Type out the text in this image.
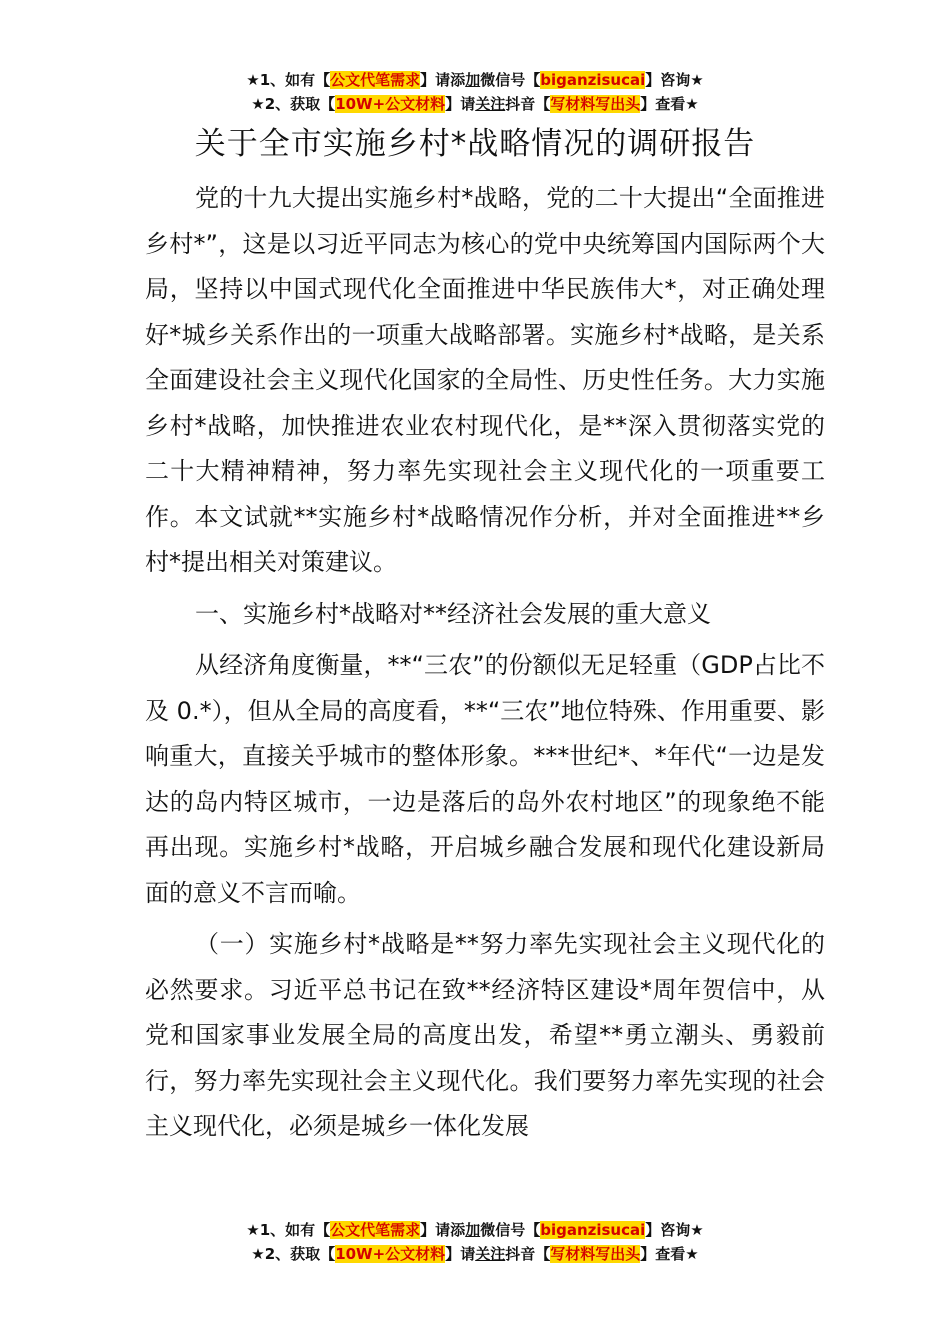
★1、如有【公文代笔需求】请添加微信号【biganzisucai】咨询★
★2、获取【10W+公文材料】请关注抖音【写材料写出头】查看★
关于全市实施乡村*战略情况的调研报告

党的十九大提出实施乡村*战略，党的二十大提出“全面推进乡村*”，这是以习近平同志为核心的党中央统筹国内国际两个大局，坚持以中国式现代化全面推进中华民族伟大*，对正确处理好*城乡关系作出的一项重大战略部署。实施乡村*战略，是关系全面建设社会主义现代化国家的全局性、历史性任务。大力实施乡村*战略，加快推进农业农村现代化，是**深入贯彻落实党的二十大精神精神，努力率先实现社会主义现代化的一项重要工作。本文试就**实施乡村*战略情况作分析，并对全面推进**乡村*提出相关对策建议。

一、实施乡村*战略对**经济社会发展的重大意义

从经济角度衡量，**“三农”的份额似无足轻重（GDP占比不及 0.*），但从全局的高度看，**“三农”地位特殊、作用重要、影响重大，直接关乎城市的整体形象。***世纪*、*年代“一边是发达的岛内特区城市，一边是落后的岛外农村地区”的现象绝不能再出现。实施乡村*战略，开启城乡融合发展和现代化建设新局面的意义不言而喻。

（一）实施乡村*战略是**努力率先实现社会主义现代化的必然要求。习近平总书记在致**经济特区建设*周年贺信中，从党和国家事业发展全局的高度出发，希望**勇立潮头、勇毅前行，努力率先实现社会主义现代化。我们要努力率先实现的社会主义现代化，必须是城乡一体化发展

★1、如有【公文代笔需求】请添加微信号【biganzisucai】咨询★
★2、获取【10W+公文材料】请关注抖音【写材料写出头】查看★
